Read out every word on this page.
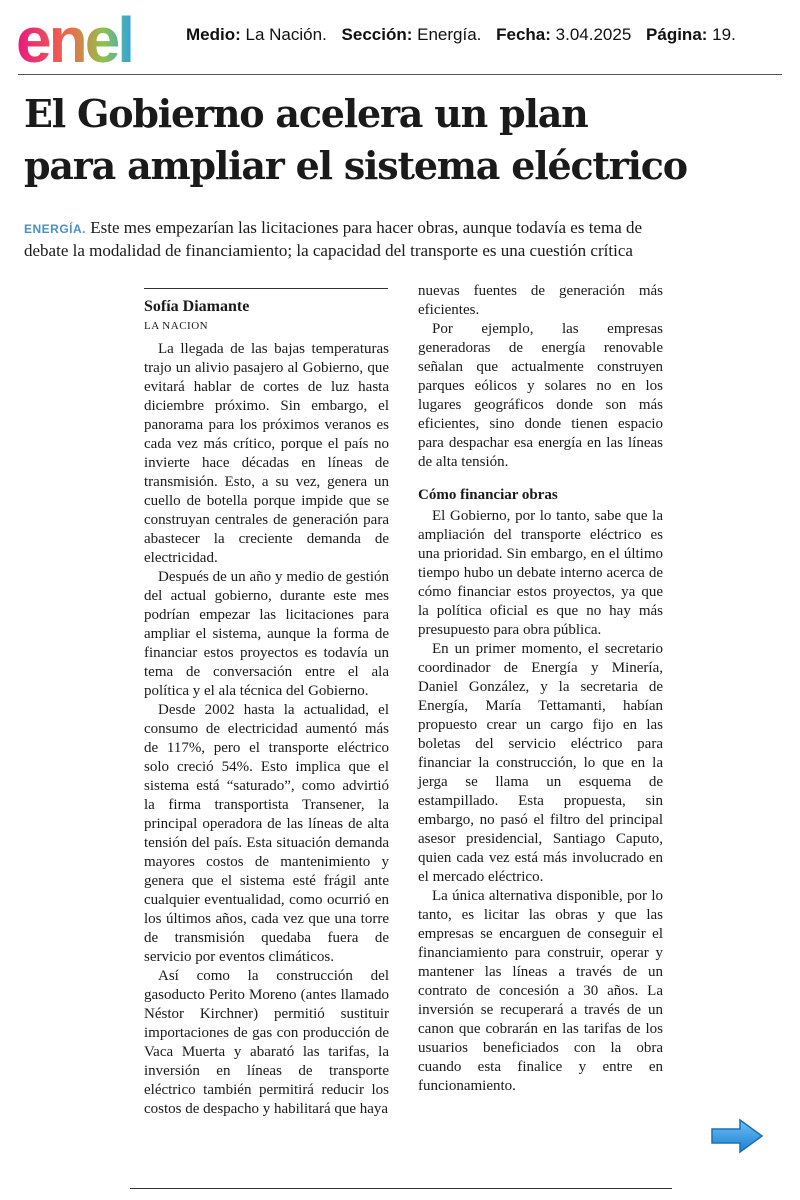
enel	Medio: La Nación. Sección: Energía. Fecha: 3.04.2025 Página: 19.
El Gobierno acelera un plan
para ampliar el sistema eléctrico
ENERGÍA. Este mes empezarían las licitaciones para hacer obras, aunque todavía es tema de
debate la modalidad de financiamiento; la capacidad del transporte es una cuestión crítica
Sofía Diamante
LA NACION

La llegada de las bajas temperaturas trajo un alivio pasajero al Gobierno, que evitará hablar de cortes de luz hasta diciembre próximo. Sin embargo, el panorama para los próximos veranos es cada vez más crítico, porque el país no invierte hace décadas en líneas de transmisión. Esto, a su vez, genera un cuello de botella porque impide que se construyan centrales de generación para abastecer la creciente demanda de electricidad.

Después de un año y medio de gestión del actual gobierno, durante este mes podrían empezar las licitaciones para ampliar el sistema, aunque la forma de financiar estos proyectos es todavía un tema de conversación entre el ala política y el ala técnica del Gobierno.

Desde 2002 hasta la actualidad, el consumo de electricidad aumentó más de 117%, pero el transporte eléctrico solo creció 54%. Esto implica que el sistema está “saturado”, como advirtió la firma transportista Transener, la principal operadora de las líneas de alta tensión del país. Esta situación demanda mayores costos de mantenimiento y genera que el sistema esté frágil ante cualquier eventualidad, como ocurrió en los últimos años, cada vez que una torre de transmisión quedaba fuera de servicio por eventos climáticos.

Así como la construcción del gasoducto Perito Moreno (antes llamado Néstor Kirchner) permitió sustituir importaciones de gas con producción de Vaca Muerta y abarató las tarifas, la inversión en líneas de transporte eléctrico también permitirá reducir los costos de despacho y habilitará que haya

nuevas fuentes de generación más eficientes.

Por ejemplo, las empresas generadoras de energía renovable señalan que actualmente construyen parques eólicos y solares no en los lugares geográficos donde son más eficientes, sino donde tienen espacio para despachar esa energía en las líneas de alta tensión.

Cómo financiar obras

El Gobierno, por lo tanto, sabe que la ampliación del transporte eléctrico es una prioridad. Sin embargo, en el último tiempo hubo un debate interno acerca de cómo financiar estos proyectos, ya que la política oficial es que no hay más presupuesto para obra pública.

En un primer momento, el secretario coordinador de Energía y Minería, Daniel González, y la secretaria de Energía, María Tettamanti, habían propuesto crear un cargo fijo en las boletas del servicio eléctrico para financiar la construcción, lo que en la jerga se llama un esquema de estampillado. Esta propuesta, sin embargo, no pasó el filtro del principal asesor presidencial, Santiago Caputo, quien cada vez está más involucrado en el mercado eléctrico.

La única alternativa disponible, por lo tanto, es licitar las obras y que las empresas se encarguen de conseguir el financiamiento para construir, operar y mantener las líneas a través de un contrato de concesión a 30 años. La inversión se recuperará a través de un canon que cobrarán en las tarifas de los usuarios beneficiados con la obra cuando esta finalice y entre en funcionamiento.
